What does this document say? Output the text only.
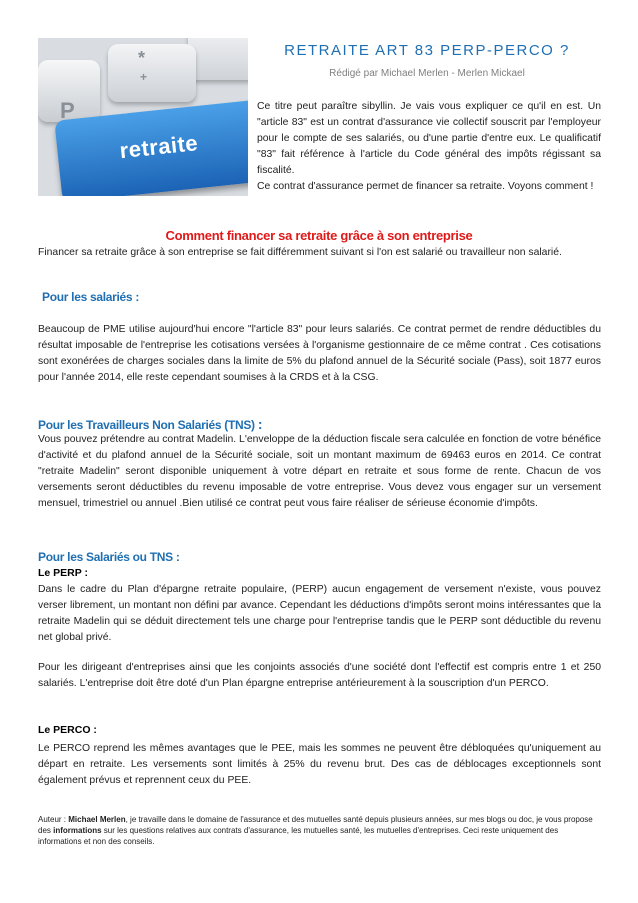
P
*
+
retraite
RETRAITE ART 83 PERP-PERCO ?
Rédigé par Michael Merlen - Merlen Mickael

Ce titre peut paraître sibyllin. Je vais vous expliquer ce qu'il en est. Un "article 83" est un contrat d'assurance vie collectif souscrit par l'employeur pour le compte de ses salariés, ou d'une partie d'entre eux. Le qualificatif "83" fait référence à l'article du Code général des impôts régissant sa fiscalité.

Ce contrat d'assurance permet de financer sa retraite. Voyons comment !

Comment financer sa retraite grâce à son entreprise

Financer sa retraite grâce à son entreprise se fait différemment suivant si l'on est salarié ou travailleur non salarié.

Pour les salariés :

Beaucoup de PME utilise aujourd'hui encore "l'article 83" pour leurs salariés. Ce contrat permet de rendre déductibles du résultat imposable de l'entreprise les cotisations versées à l'organisme gestionnaire de ce même contrat . Ces cotisations sont exonérées de charges sociales dans la limite de 5% du plafond annuel de la Sécurité sociale (Pass), soit 1877 euros pour l'année 2014, elle reste cependant soumises à la CRDS et à la CSG.

Pour les Travailleurs Non Salariés (TNS) :

Vous pouvez prétendre au contrat Madelin. L'enveloppe de la déduction fiscale sera calculée en fonction de votre bénéfice d'activité et du plafond annuel de la Sécurité sociale, soit un montant maximum de 69463 euros en 2014. Ce contrat "retraite Madelin" seront disponible uniquement à votre départ en retraite et sous forme de rente. Chacun de vos versements seront déductibles du revenu imposable de votre entreprise. Vous devez vous engager sur un versement mensuel, trimestriel ou annuel .Bien utilisé ce contrat peut vous faire réaliser de sérieuse économie d'impôts.

Pour les Salariés ou TNS :
Le PERP :

Dans le cadre du Plan d'épargne retraite populaire, (PERP) aucun engagement de versement n'existe, vous pouvez verser librement, un montant non défini par avance. Cependant les déductions d'impôts seront moins intéressantes que la retraite Madelin qui se déduit directement tels une charge pour l'entreprise tandis que le PERP sont déductible du revenu net global privé.

Pour les dirigeant d'entreprises ainsi que les conjoints associés d'une société dont l'effectif est compris entre 1 et 250 salariés. L'entreprise doit être doté d'un Plan épargne entreprise antérieurement à la souscription d'un PERCO.

Le PERCO :

Le PERCO reprend les mêmes avantages que le PEE, mais les sommes ne peuvent être débloquées qu'uniquement au départ en retraite. Les versements sont limités à 25% du revenu brut. Des cas de déblocages exceptionnels sont également prévus et reprennent ceux du PEE.

Auteur : Michael Merlen, je travaille dans le domaine de l'assurance et des mutuelles santé depuis plusieurs années, sur mes blogs ou doc, je vous propose des informations sur les questions relatives aux contrats d'assurance, les mutuelles santé, les mutuelles d'entreprises. Ceci reste uniquement des informations et non des conseils.
